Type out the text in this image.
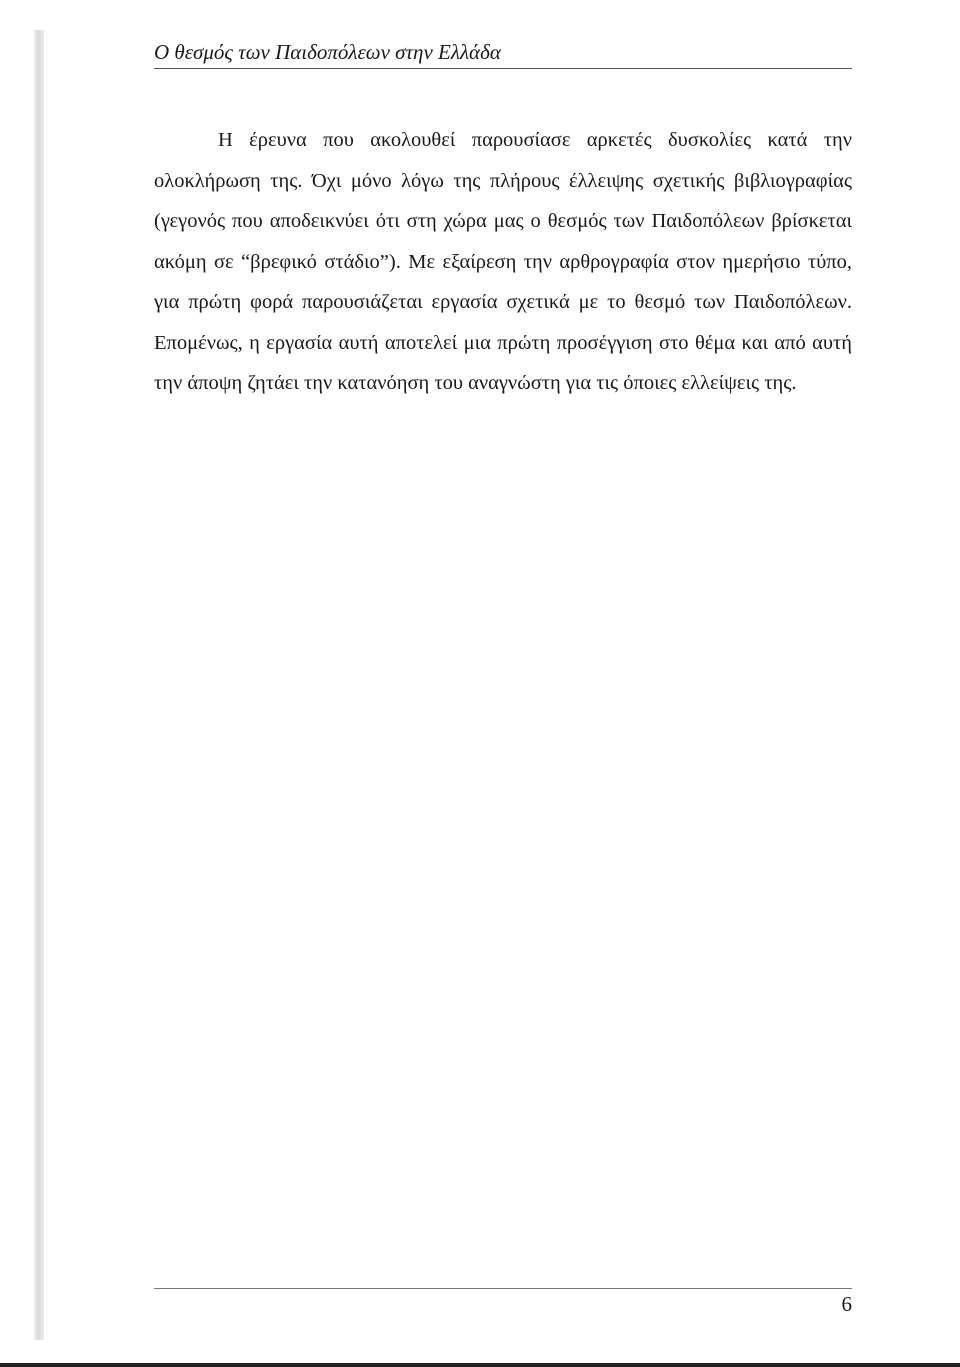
Ο θεσμός των Παιδοπόλεων στην Ελλάδα

Η έρευνα που ακολουθεί παρουσίασε αρκετές δυσκολίες κατά την ολοκλήρωση της. Όχι μόνο λόγω της πλήρους έλλειψης σχετικής βιβλιογραφίας (γεγονός που αποδεικνύει ότι στη χώρα μας ο θεσμός των Παιδοπόλεων βρίσκεται ακόμη σε “βρεφικό στάδιο”). Με εξαίρεση την αρθρογραφία στον ημερήσιο τύπο, για πρώτη φορά παρουσιάζεται εργασία σχετικά με το θεσμό των Παιδοπόλεων. Επομένως, η εργασία αυτή αποτελεί μια πρώτη προσέγγιση στο θέμα και από αυτή την άποψη ζητάει την κατανόηση του αναγνώστη για τις όποιες ελλείψεις της.

6
